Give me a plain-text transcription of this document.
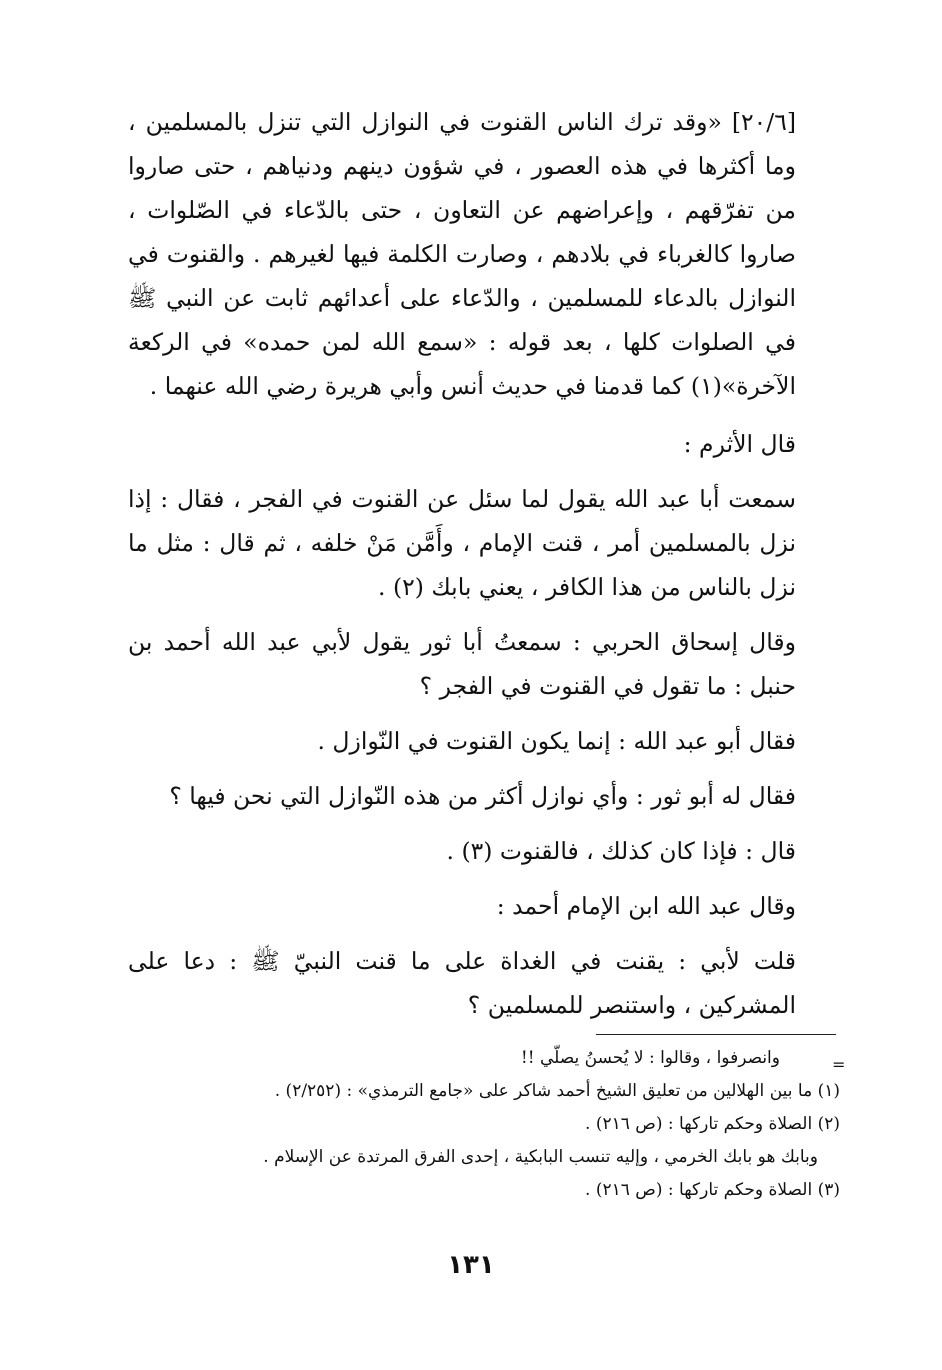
[٢٠/٦] «وقد ترك الناس القنوت في النوازل التي تنزل بالمسلمين ، وما أكثرها في هذه العصور ، في شؤون دينهم ودنياهم ، حتى صاروا من تفرّقهم ، وإعراضهم عن التعاون ، حتى بالدّعاء في الصّلوات ، صاروا كالغرباء في بلادهم ، وصارت الكلمة فيها لغيرهم . والقنوت في النوازل بالدعاء للمسلمين ، والدّعاء على أعدائهم ثابت عن النبي ﷺ في الصلوات كلها ، بعد قوله : «سمع الله لمن حمده» في الركعة الآخرة»(١) كما قدمنا في حديث أنس وأبي هريرة رضي الله عنهما .

قال الأثرم :

سمعت أبا عبد الله يقول لما سئل عن القنوت في الفجر ، فقال : إذا نزل بالمسلمين أمر ، قنت الإمام ، وأَمَّن مَنْ خلفه ، ثم قال : مثل ما نزل بالناس من هذا الكافر ، يعني بابك (٢) .

وقال إسحاق الحربي : سمعتُ أبا ثور يقول لأبي عبد الله أحمد بن حنبل : ما تقول في القنوت في الفجر ؟

فقال أبو عبد الله : إنما يكون القنوت في النّوازل .

فقال له أبو ثور : وأي نوازل أكثر من هذه النّوازل التي نحن فيها ؟

قال : فإذا كان كذلك ، فالقنوت (٣) .

وقال عبد الله ابن الإمام أحمد :

قلت لأبي : يقنت في الغداة على ما قنت النبيّ ﷺ : دعا على المشركين ، واستنصر للمسلمين ؟

=
وانصرفوا ، وقالوا : لا يُحسنُ يصلّي !!

(١) ما بين الهلالين من تعليق الشيخ أحمد شاكر على «جامع الترمذي» : (٢/٢٥٢) .

(٢) الصلاة وحكم تاركها : (ص ٢١٦) .

وبابك هو بابك الخرمي ، وإليه تنسب البابكية ، إحدى الفرق المرتدة عن الإسلام .

(٣) الصلاة وحكم تاركها : (ص ٢١٦) .

١٣١
